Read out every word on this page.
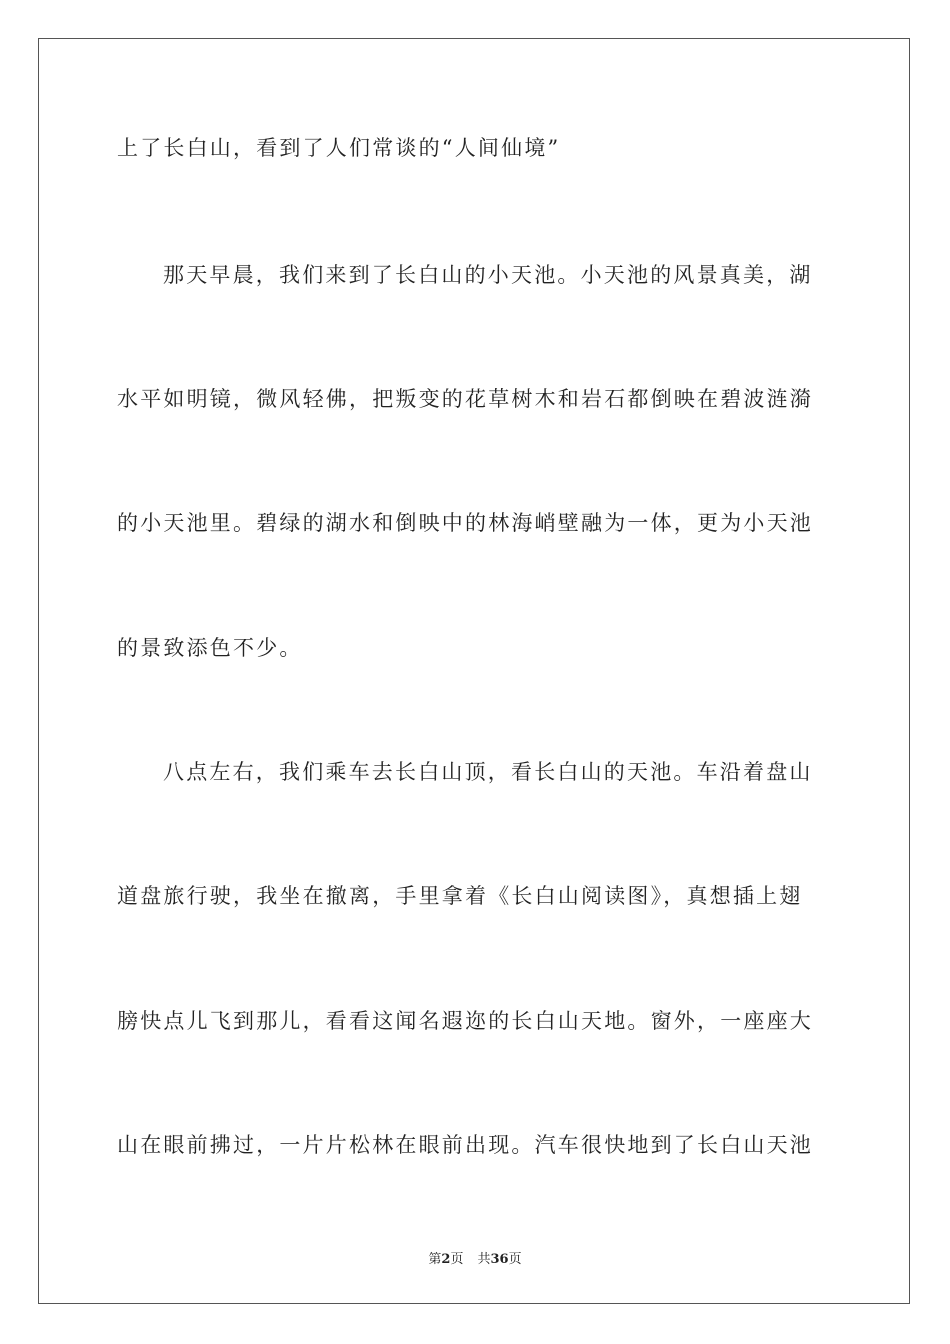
上了长白山，看到了人们常谈的“人间仙境”
那天早晨，我们来到了长白山的小天池。小天池的风景真美，湖
水平如明镜，微风轻佛，把叛变的花草树木和岩石都倒映在碧波涟漪
的小天池里。碧绿的湖水和倒映中的林海峭壁融为一体，更为小天池
的景致添色不少。
八点左右，我们乘车去长白山顶，看长白山的天池。车沿着盘山
道盘旅行驶，我坐在撤离，手里拿着《长白山阅读图》，真想插上翅
膀快点儿飞到那儿，看看这闻名遐迩的长白山天地。窗外，一座座大
山在眼前拂过，一片片松林在眼前出现。汽车很快地到了长白山天池
第2页 共36页
